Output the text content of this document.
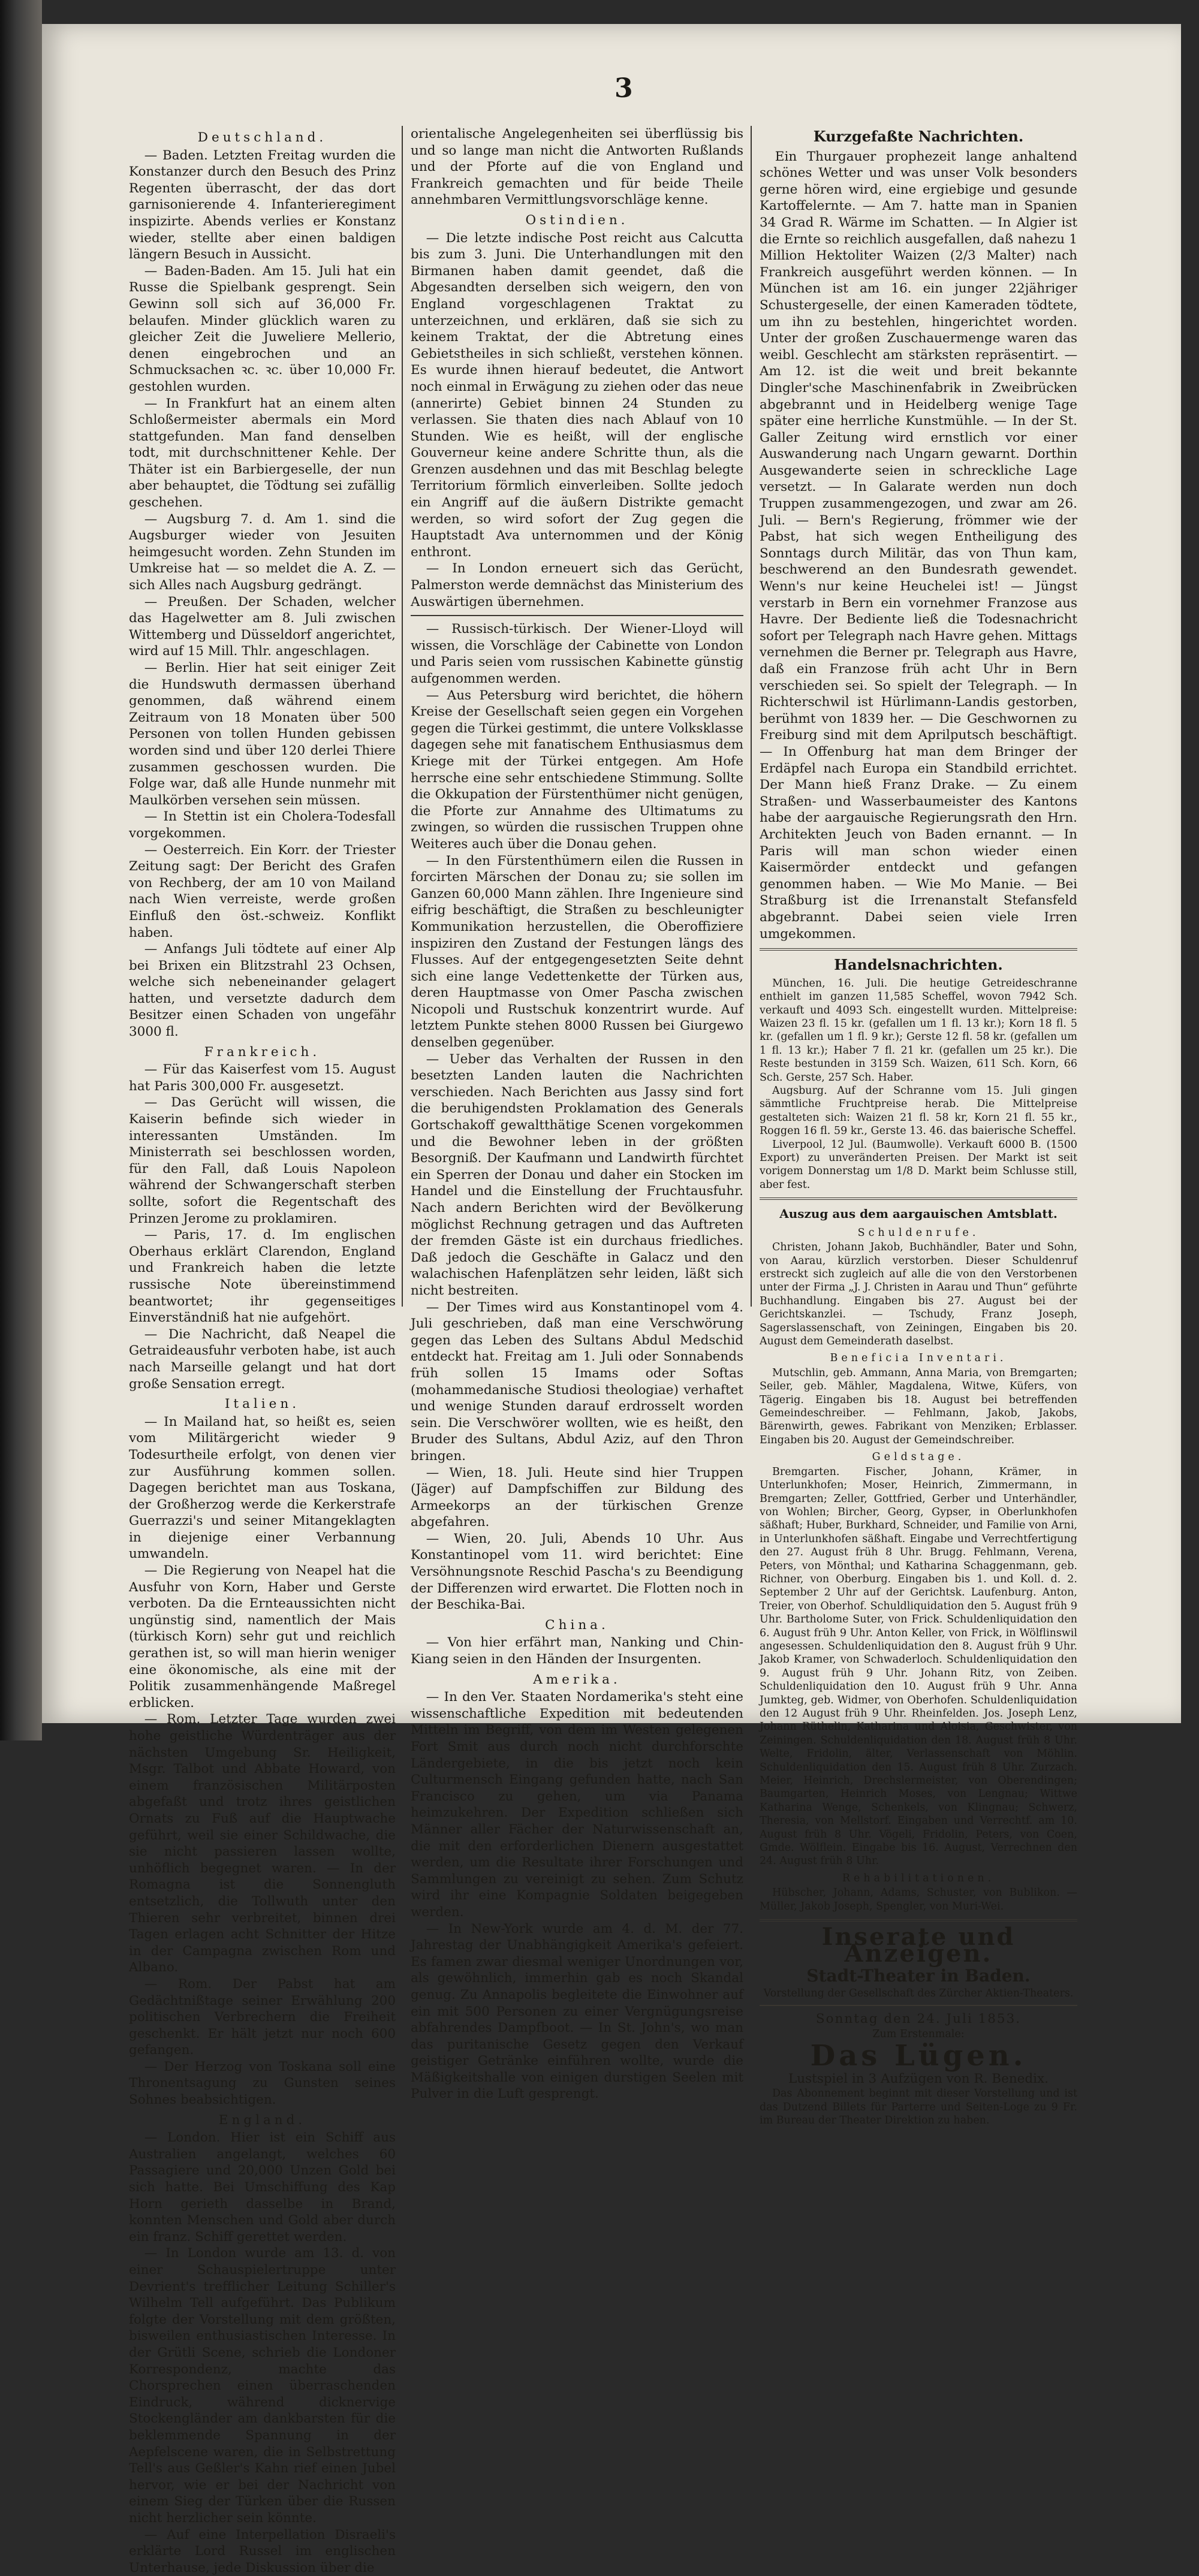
3

Deutschland.

— Baden. Letzten Freitag wurden die Konstanzer durch den Besuch des Prinz Regenten überrascht, der das dort garnisonierende 4. Infanterieregiment inspizirte. Abends verlies er Konstanz wieder, stellte aber einen baldigen längern Besuch in Aussicht.

— Baden-Baden. Am 15. Juli hat ein Russe die Spielbank gesprengt. Sein Gewinn soll sich auf 36,000 Fr. belaufen. Minder glücklich waren zu gleicher Zeit die Juweliere Mellerio, denen eingebrochen und an Schmucksachen ꝛc. ꝛc. über 10,000 Fr. gestohlen wurden.

— In Frankfurt hat an einem alten Schloßermeister abermals ein Mord stattgefunden. Man fand denselben todt, mit durchschnittener Kehle. Der Thäter ist ein Barbiergeselle, der nun aber behauptet, die Tödtung sei zufällig geschehen.

— Augsburg 7. d. Am 1. sind die Augsburger wieder von Jesuiten heimgesucht worden. Zehn Stunden im Umkreise hat — so meldet die A. Z. — sich Alles nach Augsburg gedrängt.

— Preußen. Der Schaden, welcher das Hagelwetter am 8. Juli zwischen Wittemberg und Düsseldorf angerichtet, wird auf 15 Mill. Thlr. angeschlagen.

— Berlin. Hier hat seit einiger Zeit die Hundswuth dermassen überhand genommen, daß während einem Zeitraum von 18 Monaten über 500 Personen von tollen Hunden gebissen worden sind und über 120 derlei Thiere zusammen geschossen wurden. Die Folge war, daß alle Hunde nunmehr mit Maulkörben versehen sein müssen.

— In Stettin ist ein Cholera-Todesfall vorgekommen.

— Oesterreich. Ein Korr. der Triester Zeitung sagt: Der Bericht des Grafen von Rechberg, der am 10 von Mailand nach Wien verreiste, werde großen Einfluß den öst.-schweiz. Konflikt haben.

— Anfangs Juli tödtete auf einer Alp bei Brixen ein Blitzstrahl 23 Ochsen, welche sich nebeneinander gelagert hatten, und versetzte dadurch dem Besitzer einen Schaden von ungefähr 3000 fl.

Frankreich.

— Für das Kaiserfest vom 15. August hat Paris 300,000 Fr. ausgesetzt.

— Das Gerücht will wissen, die Kaiserin befinde sich wieder in interessanten Umständen. Im Ministerrath sei beschlossen worden, für den Fall, daß Louis Napoleon während der Schwangerschaft sterben sollte, sofort die Regentschaft des Prinzen Jerome zu proklamiren.

— Paris, 17. d. Im englischen Oberhaus erklärt Clarendon, England und Frankreich haben die letzte russische Note übereinstimmend beantwortet; ihr gegenseitiges Einverständniß hat nie aufgehört.

— Die Nachricht, daß Neapel die Getraideausfuhr verboten habe, ist auch nach Marseille gelangt und hat dort große Sensation erregt.

Italien.

— In Mailand hat, so heißt es, seien vom Militärgericht wieder 9 Todesurtheile erfolgt, von denen vier zur Ausführung kommen sollen. Dagegen berichtet man aus Toskana, der Großherzog werde die Kerkerstrafe Guerrazzi's und seiner Mitangeklagten in diejenige einer Verbannung umwandeln.

— Die Regierung von Neapel hat die Ausfuhr von Korn, Haber und Gerste verboten. Da die Ernteaussichten nicht ungünstig sind, namentlich der Mais (türkisch Korn) sehr gut und reichlich gerathen ist, so will man hierin weniger eine ökonomische, als eine mit der Politik zusammenhängende Maßregel erblicken.

— Rom. Letzter Tage wurden zwei hohe geistliche Würdenträger aus der nächsten Umgebung Sr. Heiligkeit, Msgr. Talbot und Abbate Howard, von einem französischen Militärposten abgefaßt und trotz ihres geistlichen Ornats zu Fuß auf die Hauptwache geführt, weil sie einer Schildwache, die sie nicht passieren lassen wollte, unhöflich begegnet waren. — In der Romagna ist die Sonnengluth entsetzlich, die Tollwuth unter den Thieren sehr verbreitet, binnen drei Tagen erlagen acht Schnitter der Hitze in der Campagna zwischen Rom und Albano.

— Rom. Der Pabst hat am Gedächtnißtage seiner Erwählung 200 politischen Verbrechern die Freiheit geschenkt. Er hält jetzt nur noch 600 gefangen.

— Der Herzog von Toskana soll eine Thronentsagung zu Gunsten seines Sohnes beabsichtigen.

England.

— London. Hier ist ein Schiff aus Australien angelangt, welches 60 Passagiere und 20,000 Unzen Gold bei sich hatte. Bei Umschiffung des Kap Horn gerieth dasselbe in Brand, konnten Menschen und Gold aber durch ein franz. Schiff gerettet werden.

— In London wurde am 13. d. von einer Schauspielertruppe unter Devrient's trefflicher Leitung Schiller's Wilhelm Tell aufgeführt. Das Publikum folgte der Vorstellung mit dem größten, bisweilen enthusiastischen Interesse. In der Grütli Scene, schrieb die Londoner Korrespondenz, machte das Chorsprechen einen überraschenden Eindruck, während dicknervige Stockengländer am dankbarsten für die beklemmende Spannung in der Aepfelscene waren, die in Selbstrettung Tell's aus Geßler's Kahn rief einen Jubel hervor, wie er bei der Nachricht von einem Sieg der Türken über die Russen nicht herzlicher sein könnte.

— Auf eine Interpellation Disraeli's erklärte Lord Russel im englischen Unterhause, jede Diskussion über die

orientalische Angelegenheiten sei überflüssig bis und so lange man nicht die Antworten Rußlands und der Pforte auf die von England und Frankreich gemachten und für beide Theile annehmbaren Vermittlungsvorschläge kenne.

Ostindien.

— Die letzte indische Post reicht aus Calcutta bis zum 3. Juni. Die Unterhandlungen mit den Birmanen haben damit geendet, daß die Abgesandten derselben sich weigern, den von England vorgeschlagenen Traktat zu unterzeichnen, und erklären, daß sie sich zu keinem Traktat, der die Abtretung eines Gebietstheiles in sich schließt, verstehen können. Es wurde ihnen hierauf bedeutet, die Antwort noch einmal in Erwägung zu ziehen oder das neue (annerirte) Gebiet binnen 24 Stunden zu verlassen. Sie thaten dies nach Ablauf von 10 Stunden. Wie es heißt, will der englische Gouverneur keine andere Schritte thun, als die Grenzen ausdehnen und das mit Beschlag belegte Territorium förmlich einverleiben. Sollte jedoch ein Angriff auf die äußern Distrikte gemacht werden, so wird sofort der Zug gegen die Hauptstadt Ava unternommen und der König enthront.

— In London erneuert sich das Gerücht, Palmerston werde demnächst das Ministerium des Auswärtigen übernehmen.

— Russisch-türkisch. Der Wiener-Lloyd will wissen, die Vorschläge der Cabinette von London und Paris seien vom russischen Kabinette günstig aufgenommen werden.

— Aus Petersburg wird berichtet, die höhern Kreise der Gesellschaft seien gegen ein Vorgehen gegen die Türkei gestimmt, die untere Volksklasse dagegen sehe mit fanatischem Enthusiasmus dem Kriege mit der Türkei entgegen. Am Hofe herrsche eine sehr entschiedene Stimmung. Sollte die Okkupation der Fürstenthümer nicht genügen, die Pforte zur Annahme des Ultimatums zu zwingen, so würden die russischen Truppen ohne Weiteres auch über die Donau gehen.

— In den Fürstenthümern eilen die Russen in forcirten Märschen der Donau zu; sie sollen im Ganzen 60,000 Mann zählen. Ihre Ingenieure sind eifrig beschäftigt, die Straßen zu beschleunigter Kommunikation herzustellen, die Oberoffiziere inspiziren den Zustand der Festungen längs des Flusses. Auf der entgegengesetzten Seite dehnt sich eine lange Vedettenkette der Türken aus, deren Hauptmasse von Omer Pascha zwischen Nicopoli und Rustschuk konzentrirt wurde. Auf letztem Punkte stehen 8000 Russen bei Giurgewo denselben gegenüber.

— Ueber das Verhalten der Russen in den besetzten Landen lauten die Nachrichten verschieden. Nach Berichten aus Jassy sind fort die beruhigendsten Proklamation des Generals Gortschakoff gewaltthätige Scenen vorgekommen und die Bewohner leben in der größten Besorgniß. Der Kaufmann und Landwirth fürchtet ein Sperren der Donau und daher ein Stocken im Handel und die Einstellung der Fruchtausfuhr. Nach andern Berichten wird der Bevölkerung möglichst Rechnung getragen und das Auftreten der fremden Gäste ist ein durchaus friedliches. Daß jedoch die Geschäfte in Galacz und den walachischen Hafenplätzen sehr leiden, läßt sich nicht bestreiten.

— Der Times wird aus Konstantinopel vom 4. Juli geschrieben, daß man eine Verschwörung gegen das Leben des Sultans Abdul Medschid entdeckt hat. Freitag am 1. Juli oder Sonnabends früh sollen 15 Imams oder Softas (mohammedanische Studiosi theologiae) verhaftet und wenige Stunden darauf erdrosselt worden sein. Die Verschwörer wollten, wie es heißt, den Bruder des Sultans, Abdul Aziz, auf den Thron bringen.

— Wien, 18. Juli. Heute sind hier Truppen (Jäger) auf Dampfschiffen zur Bildung des Armeekorps an der türkischen Grenze abgefahren.

— Wien, 20. Juli, Abends 10 Uhr. Aus Konstantinopel vom 11. wird berichtet: Eine Versöhnungsnote Reschid Pascha's zu Beendigung der Differenzen wird erwartet. Die Flotten noch in der Beschika-Bai.

China.

— Von hier erfährt man, Nanking und Chin-Kiang seien in den Händen der Insurgenten.

Amerika.

— In den Ver. Staaten Nordamerika's steht eine wissenschaftliche Expedition mit bedeutenden Mitteln im Begriff, von dem im Westen gelegenen Fort Smit aus durch noch nicht durchforschte Ländergebiete, in die bis jetzt noch kein Culturmensch Eingang gefunden hatte, nach San Francisco zu gehen, um via Panama heimzukehren. Der Expedition schließen sich Männer aller Fächer der Naturwissenschaft an, die mit den erforderlichen Dienern ausgestattet werden, um die Resultate ihrer Forschungen und Sammlungen zu vereinigt zu sehen. Zum Schutz wird ihr eine Kompagnie Soldaten beigegeben werden.

— In New-York wurde am 4. d. M. der 77. Jahrestag der Unabhängigkeit Amerika's gefeiert. Es famen zwar diesmal weniger Unordnungen vor, als gewöhnlich, immerhin gab es noch Skandal genug. Zu Annapolis begleitete die Einwohner auf ein mit 500 Personen zu einer Vergnügungsreise abfahrendes Dampfboot. — In St. John's, wo man das puritanische Gesetz gegen den Verkauf geistiger Getränke einführen wollte, wurde die Mäßigkeitshalle von einigen durstigen Seelen mit Pulver in die Luft gesprengt.

Kurzgefaßte Nachrichten.

Ein Thurgauer prophezeit lange anhaltend schönes Wetter und was unser Volk besonders gerne hören wird, eine ergiebige und gesunde Kartoffelernte. — Am 7. hatte man in Spanien 34 Grad R. Wärme im Schatten. — In Algier ist die Ernte so reichlich ausgefallen, daß nahezu 1 Million Hektoliter Waizen (2/3 Malter) nach Frankreich ausgeführt werden können. — In München ist am 16. ein junger 22jähriger Schustergeselle, der einen Kameraden tödtete, um ihn zu bestehlen, hingerichtet worden. Unter der großen Zuschauermenge waren das weibl. Geschlecht am stärksten repräsentirt. — Am 12. ist die weit und breit bekannte Dingler'sche Maschinenfabrik in Zweibrücken abgebrannt und in Heidelberg wenige Tage später eine herrliche Kunstmühle. — In der St. Galler Zeitung wird ernstlich vor einer Auswanderung nach Ungarn gewarnt. Dorthin Ausgewanderte seien in schreckliche Lage versetzt. — In Galarate werden nun doch Truppen zusammengezogen, und zwar am 26. Juli. — Bern's Regierung, frömmer wie der Pabst, hat sich wegen Entheiligung des Sonntags durch Militär, das von Thun kam, beschwerend an den Bundesrath gewendet. Wenn's nur keine Heuchelei ist! — Jüngst verstarb in Bern ein vornehmer Franzose aus Havre. Der Bediente ließ die Todesnachricht sofort per Telegraph nach Havre gehen. Mittags vernehmen die Berner pr. Telegraph aus Havre, daß ein Franzose früh acht Uhr in Bern verschieden sei. So spielt der Telegraph. — In Richterschwil ist Hürlimann-Landis gestorben, berühmt von 1839 her. — Die Geschwornen zu Freiburg sind mit dem Aprilputsch beschäftigt. — In Offenburg hat man dem Bringer der Erdäpfel nach Europa ein Standbild errichtet. Der Mann hieß Franz Drake. — Zu einem Straßen- und Wasserbaumeister des Kantons habe der aargauische Regierungsrath den Hrn. Architekten Jeuch von Baden ernannt. — In Paris will man schon wieder einen Kaisermörder entdeckt und gefangen genommen haben. — Wie Mo Manie. — Bei Straßburg ist die Irrenanstalt Stefansfeld abgebrannt. Dabei seien viele Irren umgekommen.

Handelsnachrichten.

München, 16. Juli. Die heutige Getreideschranne enthielt im ganzen 11,585 Scheffel, wovon 7942 Sch. verkauft und 4093 Sch. eingestellt wurden. Mittelpreise: Waizen 23 fl. 15 kr. (gefallen um 1 fl. 13 kr.); Korn 18 fl. 5 kr. (gefallen um 1 fl. 9 kr.); Gerste 12 fl. 58 kr. (gefallen um 1 fl. 13 kr.); Haber 7 fl. 21 kr. (gefallen um 25 kr.). Die Reste bestunden in 3159 Sch. Waizen, 611 Sch. Korn, 66 Sch. Gerste, 257 Sch. Haber.

Augsburg. Auf der Schranne vom 15. Juli gingen sämmtliche Fruchtpreise herab. Die Mittelpreise gestalteten sich: Waizen 21 fl. 58 kr, Korn 21 fl. 55 kr., Roggen 16 fl. 59 kr., Gerste 13. 46. das baierische Scheffel.

Liverpool, 12 Jul. (Baumwolle). Verkauft 6000 B. (1500 Export) zu unveränderten Preisen. Der Markt ist seit vorigem Donnerstag um 1/8 D. Markt beim Schlusse still, aber fest.

Auszug aus dem aargauischen Amtsblatt.

Schuldenrufe.

Christen, Johann Jakob, Buchhändler, Bater und Sohn, von Aarau, kürzlich verstorben. Dieser Schuldenruf erstreckt sich zugleich auf alle die von den Verstorbenen unter der Firma „J. J. Christen in Aarau und Thun“ geführte Buchhandlung. Eingaben bis 27. August bei der Gerichtskanzlei. — Tschudy, Franz Joseph, Sagerslassenschaft, von Zeiningen, Eingaben bis 20. August dem Gemeinderath daselbst.

Beneficia Inventari.

Mutschlin, geb. Ammann, Anna Maria, von Bremgarten; Seiler, geb. Mähler, Magdalena, Witwe, Küfers, von Tägerig. Eingaben bis 18. August bei betreffenden Gemeindeschreiber. — Fehlmann, Jakob, Jakobs, Bärenwirth, gewes. Fabrikant von Menziken; Erblasser. Eingaben bis 20. August der Gemeindschreiber.

Geldstage.

Bremgarten. Fischer, Johann, Krämer, in Unterlunkhofen; Moser, Heinrich, Zimmermann, in Bremgarten; Zeller, Gottfried, Gerber und Unterhändler, von Wohlen; Bircher, Georg, Gypser, in Oberlunkhofen säßhaft; Huber, Burkhard, Schneider, und Familie von Arni, in Unterlunkhofen säßhaft. Eingabe und Verrechtfertigung den 27. August früh 8 Uhr. Brugg. Fehlmann, Verena, Peters, von Mönthal; und Katharina Schaggenmann, geb. Richner, von Oberburg. Eingaben bis 1. und Koll. d. 2. September 2 Uhr auf der Gerichtsk. Laufenburg. Anton, Treier, von Oberhof. Schuldliquidation den 5. August früh 9 Uhr. Bartholome Suter, von Frick. Schuldenliquidation den 6. August früh 9 Uhr. Anton Keller, von Frick, in Wölflinswil angesessen. Schuldenliquidation den 8. August früh 9 Uhr. Jakob Kramer, von Schwaderloch. Schuldenliquidation den 9. August früh 9 Uhr. Johann Ritz, von Zeiben. Schuldenliquidation den 10. August früh 9 Uhr. Anna Jumkteg, geb. Widmer, von Oberhofen. Schuldenliquidation den 12 August früh 9 Uhr. Rheinfelden. Jos. Joseph Lenz, Johann Rüthelin, Katharina und Aloisia, Geschwister, von Zeiningen. Schuldenliquidation den 18. August früh 8 Uhr. Welte, Fridolin, älter, Verlassenschaft von Möhlin. Schuldenliquidation den 15. August früh 8 Uhr. Zurzach. Meier, Heinrich, Drechslermeister, von Oberendingen; Baumgarten, Heinrich Moses, von Lengnau; Wittwe Katharina Wenge, Schenkels, von Klingnau; Schwerz, Theresia, von Mellstorf. Eingaben und Verrechtf. am 10. August früh 8 Uhr. Vögeli, Fridolin, Peters, von Coen, Gmde. Wölflein. Eingabe bis 16. August, Verrechnen den 24. August früh 8 Uhr.

Rehabilitationen.

Hübscher, Johann, Adams, Schuster, von Bublikon. — Müller, Jakob Joseph, Spengler, von Muri-Wei.

Inserate und Anzeigen.
Stadt-Theater in Baden.

Vorstellung der Gesellschaft des Zürcher Aktien-Theaters.

Sonntag den 24. Juli 1853.

Zum Erstenmale:

Das Lügen.

Lustspiel in 3 Aufzügen von R. Benedix.

Das Abonnement beginnt mit dieser Vorstellung und ist das Dutzend Billets für Parterre und Seiten-Loge zu 9 Fr. im Bureau der Theater Direktion zu haben.
